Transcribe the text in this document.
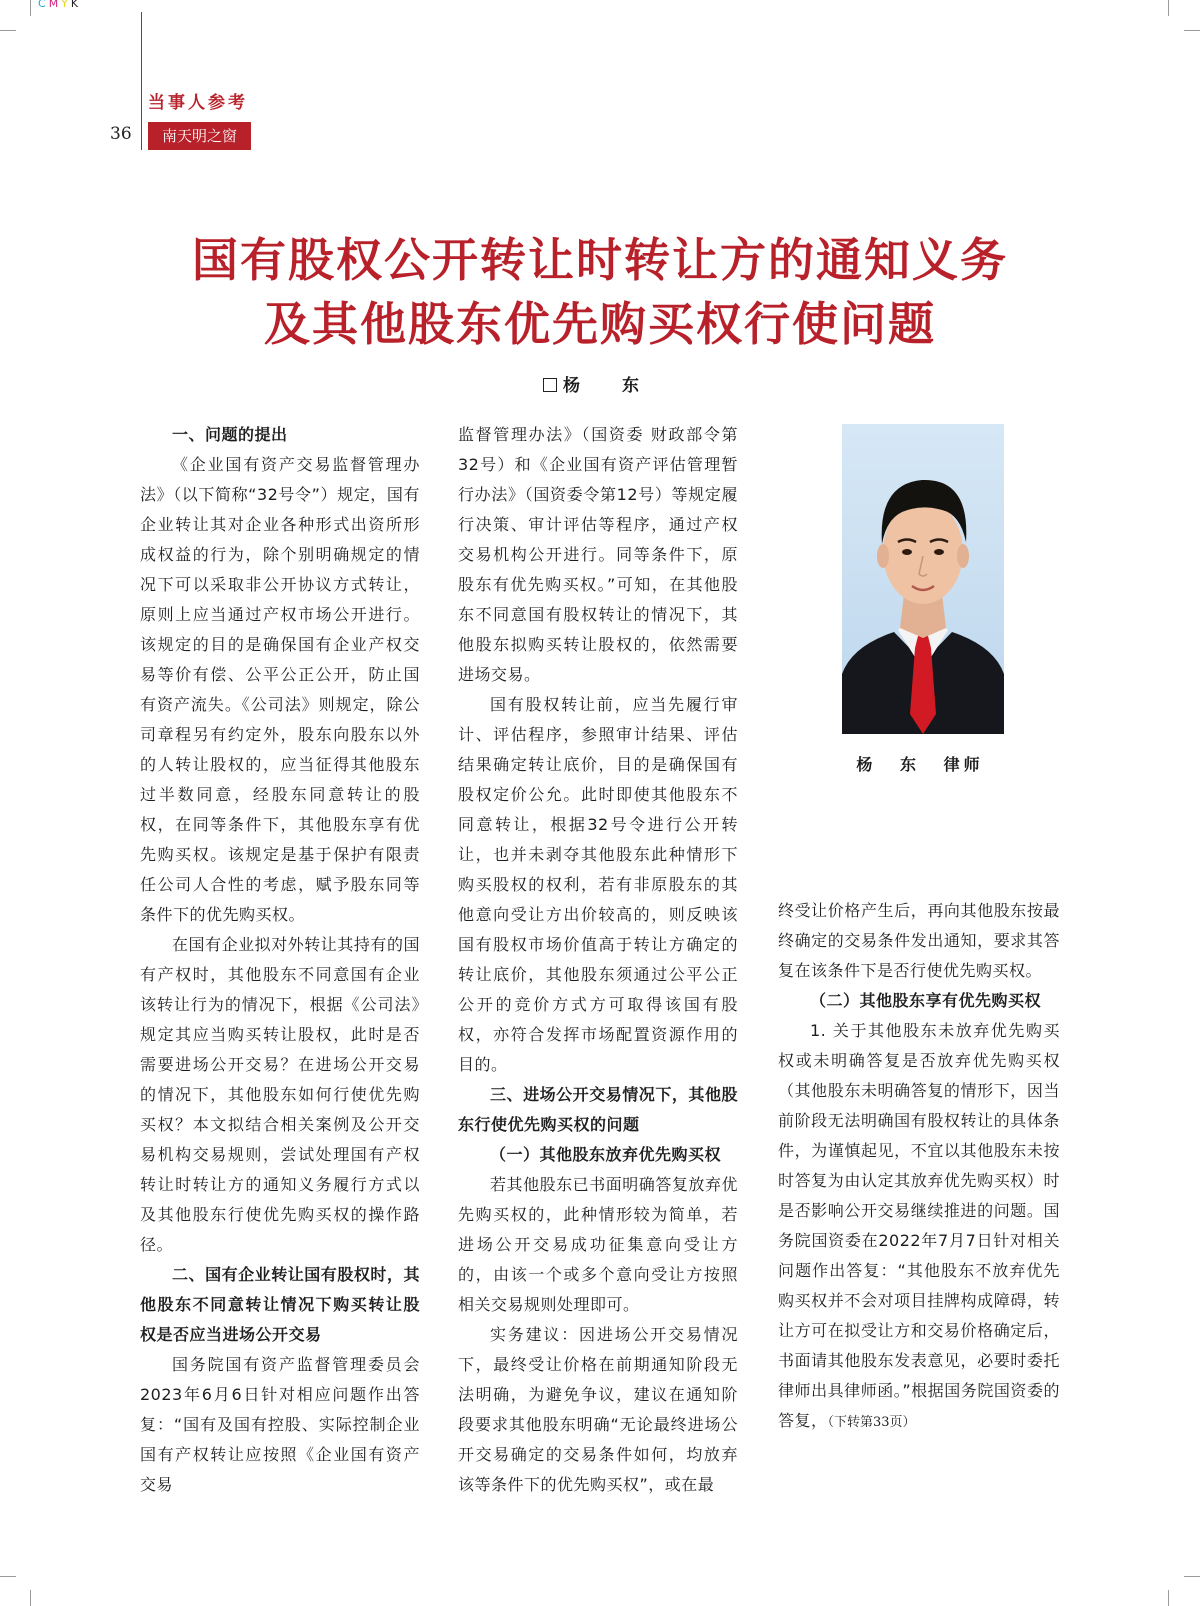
CMYK
当事人参考
36	南天明之窗
国有股权公开转让时转让方的通知义务
及其他股东优先购买权行使问题
杨 东

一、问题的提出

《企业国有资产交易监督管理办法》（以下简称“32号令”）规定，国有企业转让其对企业各种形式出资所形成权益的行为，除个别明确规定的情况下可以采取非公开协议方式转让，原则上应当通过产权市场公开进行。该规定的目的是确保国有企业产权交易等价有偿、公平公正公开，防止国有资产流失。《公司法》则规定，除公司章程另有约定外，股东向股东以外的人转让股权的，应当征得其他股东过半数同意，经股东同意转让的股权，在同等条件下，其他股东享有优先购买权。该规定是基于保护有限责任公司人合性的考虑，赋予股东同等条件下的优先购买权。

在国有企业拟对外转让其持有的国有产权时，其他股东不同意国有企业该转让行为的情况下，根据《公司法》规定其应当购买转让股权，此时是否需要进场公开交易？在进场公开交易的情况下，其他股东如何行使优先购买权？本文拟结合相关案例及公开交易机构交易规则，尝试处理国有产权转让时转让方的通知义务履行方式以及其他股东行使优先购买权的操作路径。

二、国有企业转让国有股权时，其他股东不同意转让情况下购买转让股权是否应当进场公开交易

国务院国有资产监督管理委员会2023年6月6日针对相应问题作出答复：“国有及国有控股、实际控制企业国有产权转让应按照《企业国有资产交易

监督管理办法》（国资委 财政部令第32号）和《企业国有资产评估管理暂行办法》（国资委令第12号）等规定履行决策、审计评估等程序，通过产权交易机构公开进行。同等条件下，原股东有优先购买权。”可知，在其他股东不同意国有股权转让的情况下，其他股东拟购买转让股权的，依然需要进场交易。

国有股权转让前，应当先履行审计、评估程序，参照审计结果、评估结果确定转让底价，目的是确保国有股权定价公允。此时即使其他股东不同意转让，根据32号令进行公开转让，也并未剥夺其他股东此种情形下购买股权的权利，若有非原股东的其他意向受让方出价较高的，则反映该国有股权市场价值高于转让方确定的转让底价，其他股东须通过公平公正公开的竞价方式方可取得该国有股权，亦符合发挥市场配置资源作用的目的。

三、进场公开交易情况下，其他股东行使优先购买权的问题

（一）其他股东放弃优先购买权

若其他股东已书面明确答复放弃优先购买权的，此种情形较为简单，若进场公开交易成功征集意向受让方的，由该一个或多个意向受让方按照相关交易规则处理即可。

实务建议：因进场公开交易情况下，最终受让价格在前期通知阶段无法明确，为避免争议，建议在通知阶段要求其他股东明确“无论最终进场公开交易确定的交易条件如何，均放弃该等条件下的优先购买权”，或在最

杨 东 律师

终受让价格产生后，再向其他股东按最终确定的交易条件发出通知，要求其答复在该条件下是否行使优先购买权。

（二）其他股东享有优先购买权

1. 关于其他股东未放弃优先购买权或未明确答复是否放弃优先购买权（其他股东未明确答复的情形下，因当前阶段无法明确国有股权转让的具体条件，为谨慎起见，不宜以其他股东未按时答复为由认定其放弃优先购买权）时是否影响公开交易继续推进的问题。国务院国资委在2022年7月7日针对相关问题作出答复：“其他股东不放弃优先购买权并不会对项目挂牌构成障碍，转让方可在拟受让方和交易价格确定后，书面请其他股东发表意见，必要时委托律师出具律师函。”根据国务院国资委的答复，（下转第33页）
